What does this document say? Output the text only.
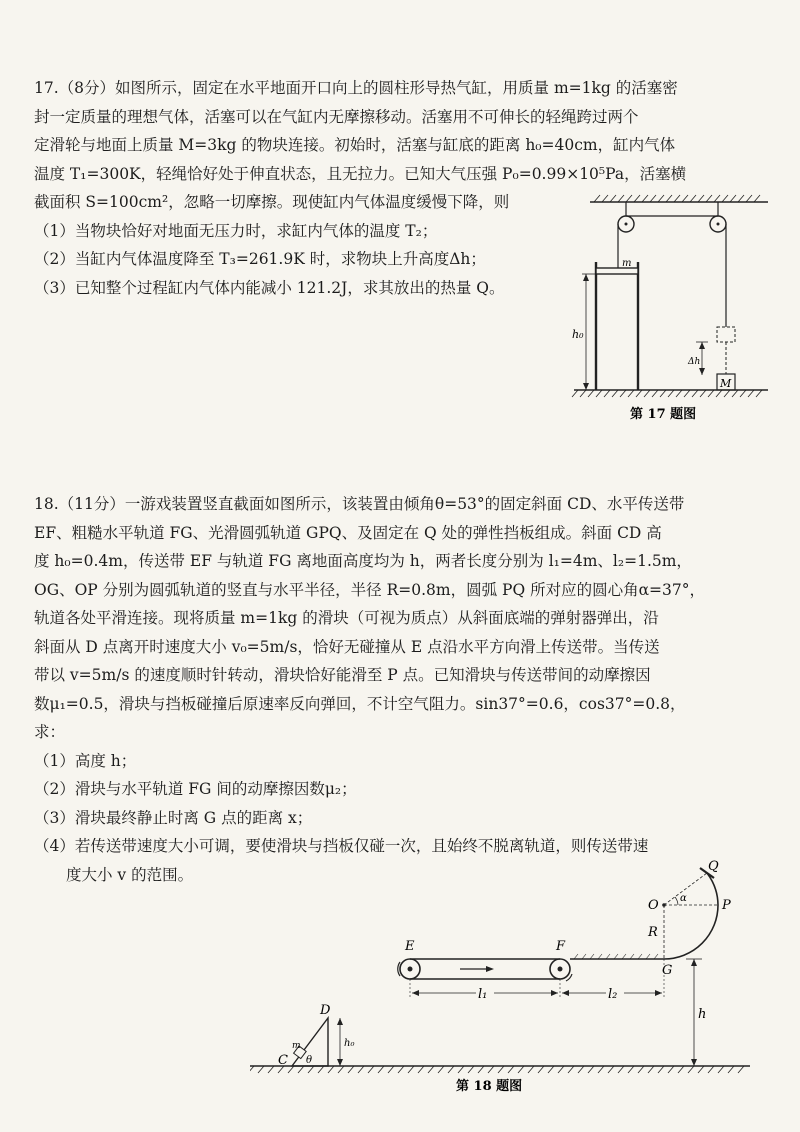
17.（8分）如图所示，固定在水平地面开口向上的圆柱形导热气缸，用质量 m=1kg 的活塞密

封一定质量的理想气体，活塞可以在气缸内无摩擦移动。活塞用不可伸长的轻绳跨过两个

定滑轮与地面上质量 M=3kg 的物块连接。初始时，活塞与缸底的距离 h₀=40cm，缸内气体

温度 T₁=300K，轻绳恰好处于伸直状态，且无拉力。已知大气压强 P₀=0.99×10⁵Pa，活塞横

截面积 S=100cm²，忽略一切摩擦。现使缸内气体温度缓慢下降，则

（1）当物块恰好对地面无压力时，求缸内气体的温度 T₂；

（2）当缸内气体温度降至 T₃=261.9K 时，求物块上升高度Δh；

（3）已知整个过程缸内气体内能减小 121.2J，求其放出的热量 Q。

m
h₀
Δh
M
第 17 题图

18.（11分）一游戏装置竖直截面如图所示，该装置由倾角θ=53°的固定斜面 CD、水平传送带

EF、粗糙水平轨道 FG、光滑圆弧轨道 GPQ、及固定在 Q 处的弹性挡板组成。斜面 CD 高

度 h₀=0.4m，传送带 EF 与轨道 FG 离地面高度均为 h，两者长度分别为 l₁=4m、l₂=1.5m，

OG、OP 分别为圆弧轨道的竖直与水平半径，半径 R=0.8m，圆弧 PQ 所对应的圆心角α=37°，

轨道各处平滑连接。现将质量 m=1kg 的滑块（可视为质点）从斜面底端的弹射器弹出，沿

斜面从 D 点离开时速度大小 v₀=5m/s，恰好无碰撞从 E 点沿水平方向滑上传送带。当传送

带以 v=5m/s 的速度顺时针转动，滑块恰好能滑至 P 点。已知滑块与传送带间的动摩擦因

数μ₁=0.5，滑块与挡板碰撞后原速率反向弹回，不计空气阻力。sin37°=0.6，cos37°=0.8，

求：

（1）高度 h；

（2）滑块与水平轨道 FG 间的动摩擦因数μ₂；

（3）滑块最终静止时离 G 点的距离 x；

（4）若传送带速度大小可调，要使滑块与挡板仅碰一次，且始终不脱离轨道，则传送带速

度大小 v 的范围。

m
C
D
θ
h₀
E	F
G
O	P
Q
α
R
l₁	l₂
h
第 18 题图
